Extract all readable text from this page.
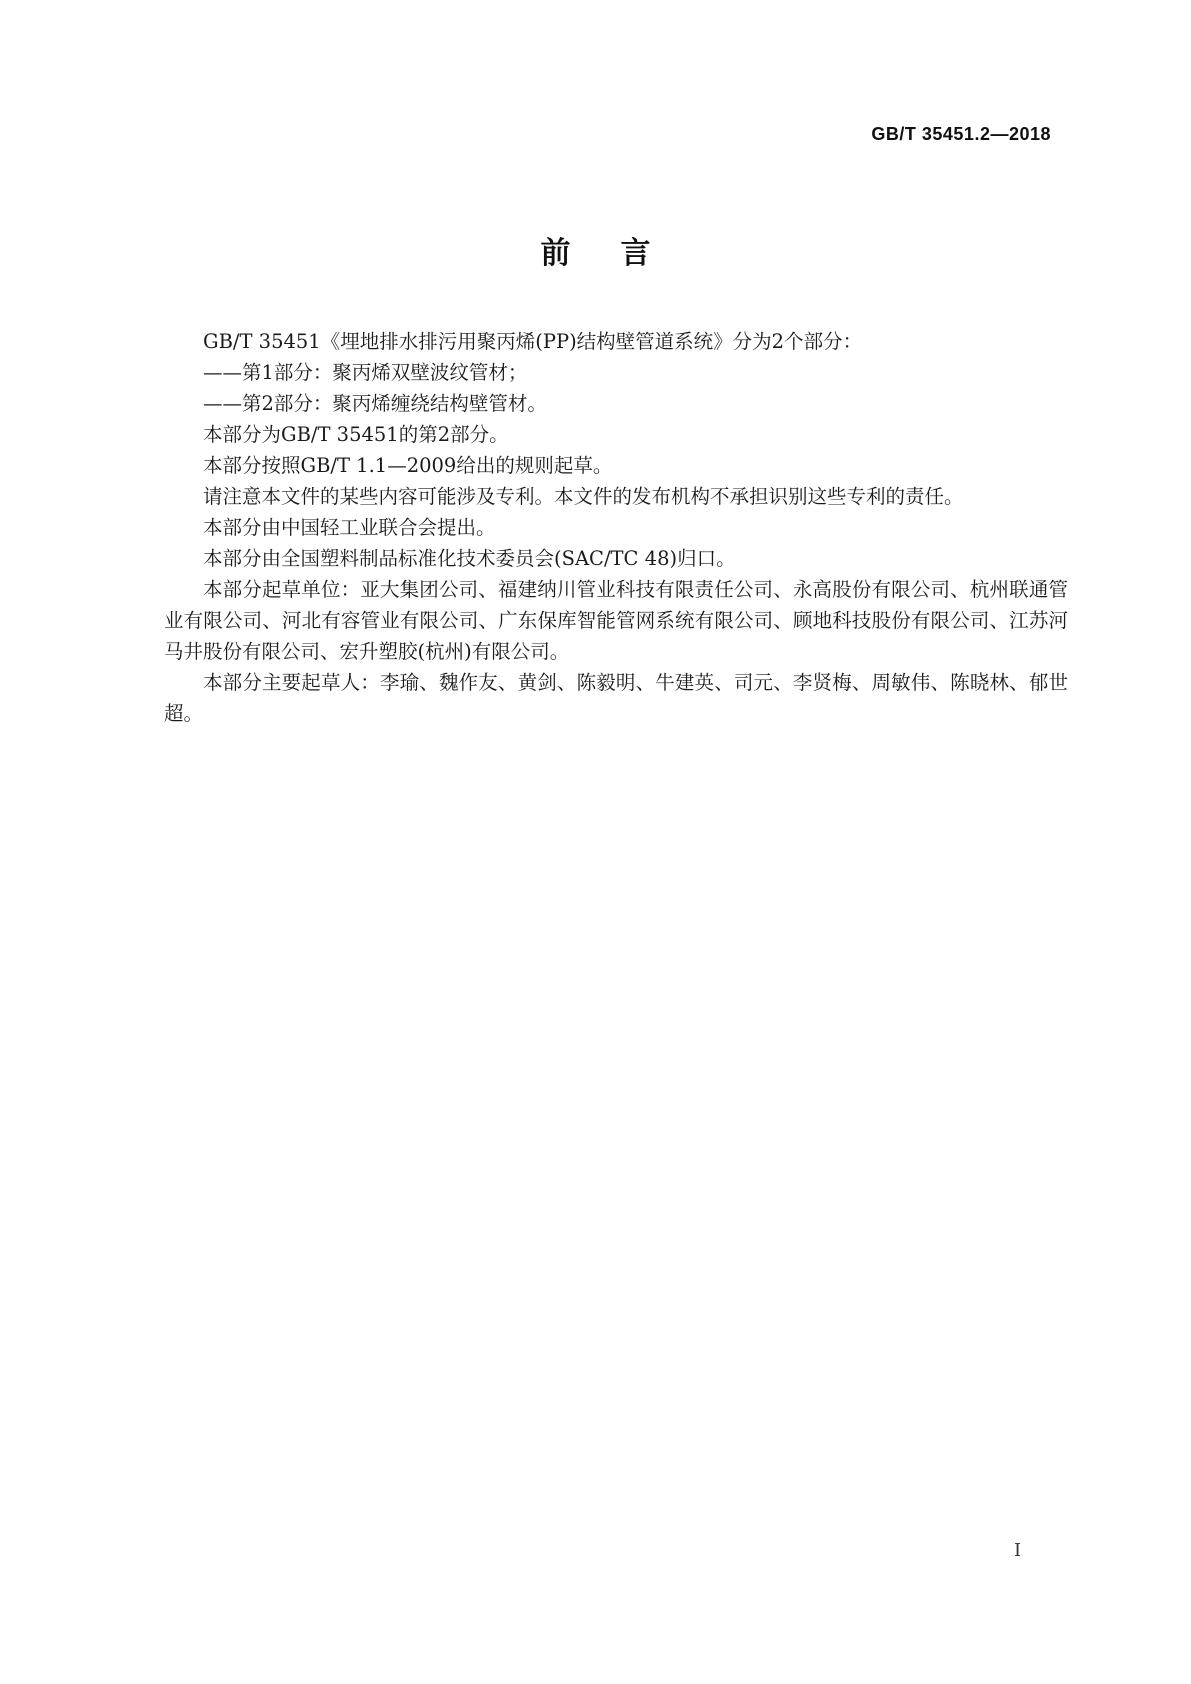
GB/T 35451.2—2018
前言

GB/T 35451《埋地排水排污用聚丙烯(PP)结构壁管道系统》分为2个部分：

——第1部分：聚丙烯双壁波纹管材；

——第2部分：聚丙烯缠绕结构壁管材。

本部分为GB/T 35451的第2部分。

本部分按照GB/T 1.1—2009给出的规则起草。

请注意本文件的某些内容可能涉及专利。本文件的发布机构不承担识别这些专利的责任。

本部分由中国轻工业联合会提出。

本部分由全国塑料制品标准化技术委员会(SAC/TC 48)归口。

本部分起草单位：亚大集团公司、福建纳川管业科技有限责任公司、永高股份有限公司、杭州联通管业有限公司、河北有容管业有限公司、广东保库智能管网系统有限公司、顾地科技股份有限公司、江苏河马井股份有限公司、宏升塑胶(杭州)有限公司。

本部分主要起草人：李瑜、魏作友、黄剑、陈毅明、牛建英、司元、李贤梅、周敏伟、陈晓林、郁世超。

I
